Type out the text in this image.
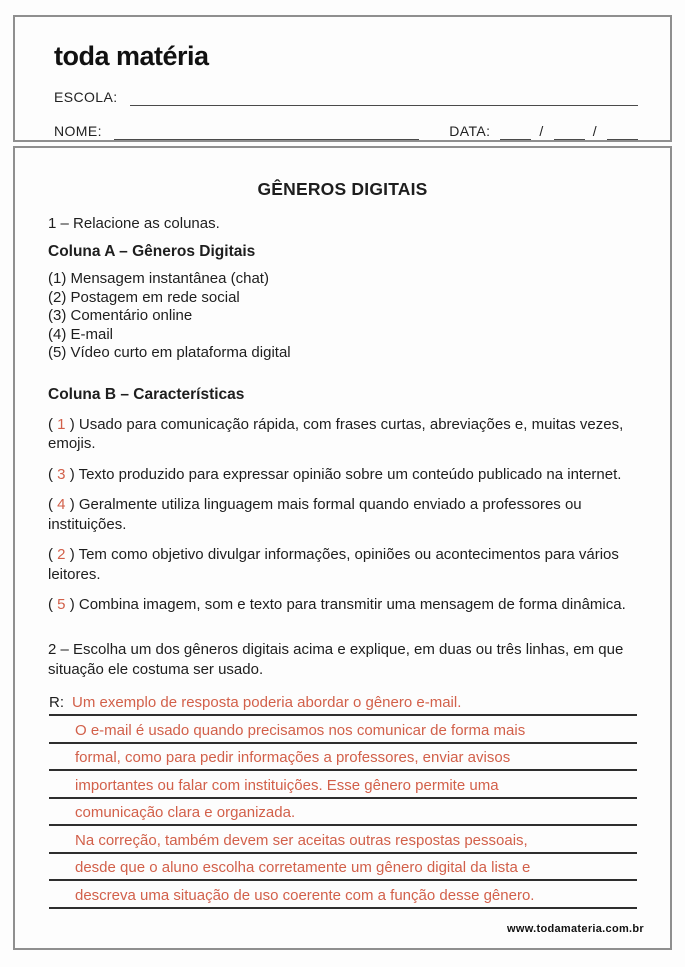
toda matéria
ESCOLA:
NOME:	DATA:	/	/
GÊNEROS DIGITAIS

1 – Relacione as colunas.

Coluna A – Gêneros Digitais

(1) Mensagem instantânea (chat)

(2) Postagem em rede social

(3) Comentário online

(4) E-mail

(5) Vídeo curto em plataforma digital

Coluna B – Características

( 1 ) Usado para comunicação rápida, com frases curtas, abreviações e, muitas vezes, emojis.

( 3 ) Texto produzido para expressar opinião sobre um conteúdo publicado na internet.

( 4 ) Geralmente utiliza linguagem mais formal quando enviado a professores ou instituições.

( 2 ) Tem como objetivo divulgar informações, opiniões ou acontecimentos para vários leitores.

( 5 ) Combina imagem, som e texto para transmitir uma mensagem de forma dinâmica.

2 – Escolha um dos gêneros digitais acima e explique, em duas ou três linhas, em que situação ele costuma ser usado.

R: Um exemplo de resposta poderia abordar o gênero e-mail.
O e-mail é usado quando precisamos nos comunicar de forma mais
formal, como para pedir informações a professores, enviar avisos
importantes ou falar com instituições. Esse gênero permite uma
comunicação clara e organizada.
Na correção, também devem ser aceitas outras respostas pessoais,
desde que o aluno escolha corretamente um gênero digital da lista e
descreva uma situação de uso coerente com a função desse gênero.
www.todamateria.com.br
